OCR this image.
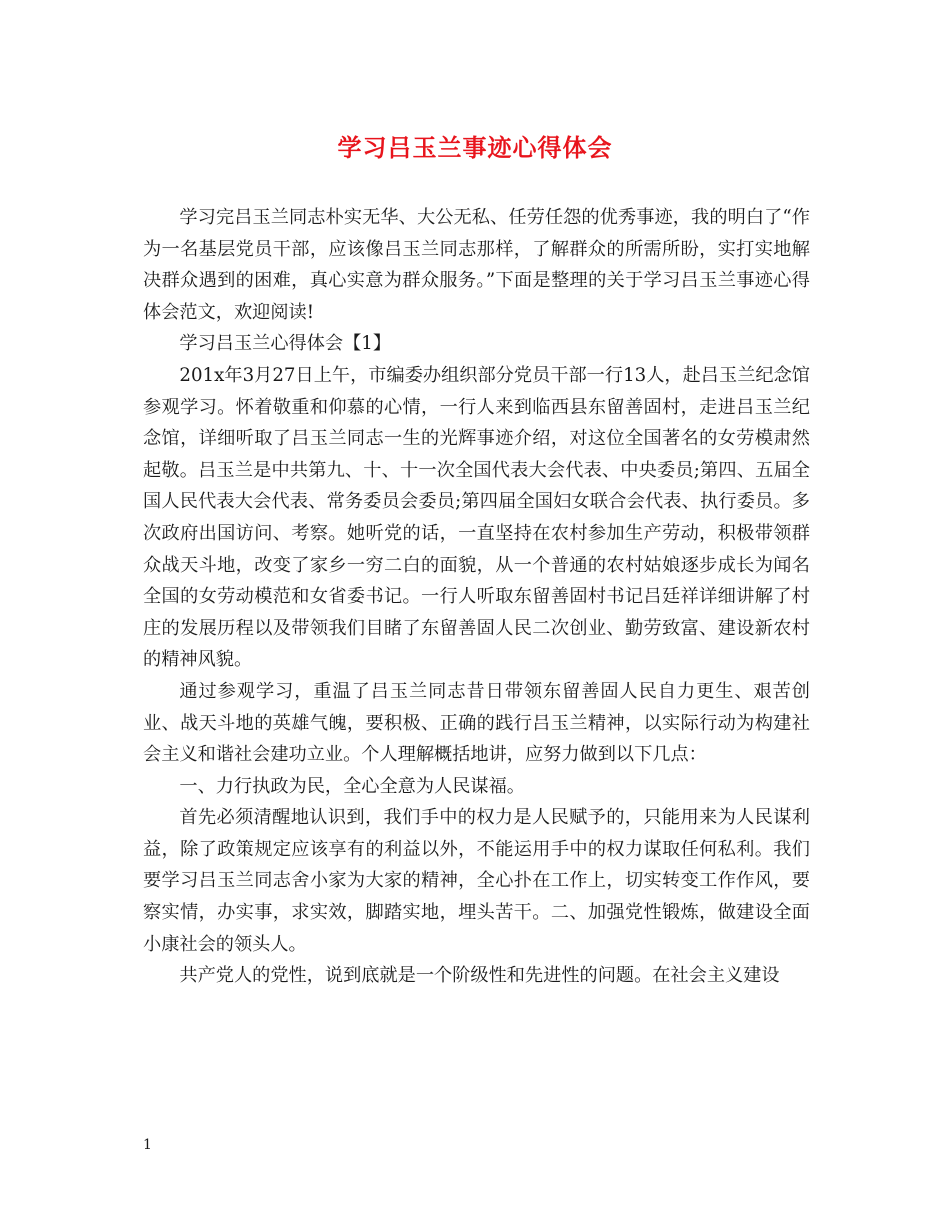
学习吕玉兰事迹心得体会

学习完吕玉兰同志朴实无华、大公无私、任劳任怨的优秀事迹，我的明白了“作为一名基层党员干部，应该像吕玉兰同志那样，了解群众的所需所盼，实打实地解决群众遇到的困难，真心实意为群众服务。”下面是整理的关于学习吕玉兰事迹心得体会范文，欢迎阅读!

学习吕玉兰心得体会【1】

201x年3月27日上午，市编委办组织部分党员干部一行13人，赴吕玉兰纪念馆参观学习。怀着敬重和仰慕的心情，一行人来到临西县东留善固村，走进吕玉兰纪念馆，详细听取了吕玉兰同志一生的光辉事迹介绍，对这位全国著名的女劳模肃然起敬。吕玉兰是中共第九、十、十一次全国代表大会代表、中央委员;第四、五届全国人民代表大会代表、常务委员会委员;第四届全国妇女联合会代表、执行委员。多次政府出国访问、考察。她听党的话，一直坚持在农村参加生产劳动，积极带领群众战天斗地，改变了家乡一穷二白的面貌，从一个普通的农村姑娘逐步成长为闻名全国的女劳动模范和女省委书记。一行人听取东留善固村书记吕廷祥详细讲解了村庄的发展历程以及带领我们目睹了东留善固人民二次创业、勤劳致富、建设新农村的精神风貌。

通过参观学习，重温了吕玉兰同志昔日带领东留善固人民自力更生、艰苦创业、战天斗地的英雄气魄，要积极、正确的践行吕玉兰精神，以实际行动为构建社会主义和谐社会建功立业。个人理解概括地讲，应努力做到以下几点：

一、力行执政为民，全心全意为人民谋福。

首先必须清醒地认识到，我们手中的权力是人民赋予的，只能用来为人民谋利益，除了政策规定应该享有的利益以外，不能运用手中的权力谋取任何私利。我们要学习吕玉兰同志舍小家为大家的精神，全心扑在工作上，切实转变工作作风，要察实情，办实事，求实效，脚踏实地，埋头苦干。二、加强党性锻炼，做建设全面小康社会的领头人。

共产党人的党性，说到底就是一个阶级性和先进性的问题。在社会主义建设

1
